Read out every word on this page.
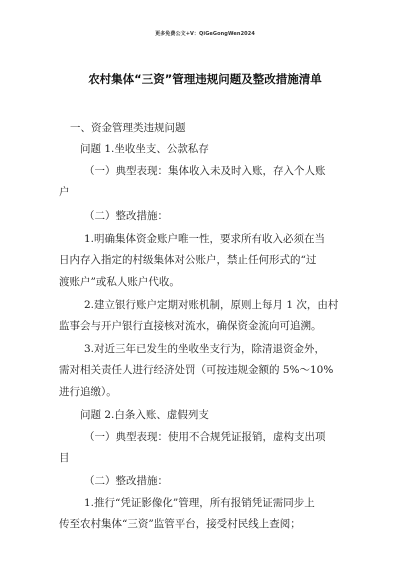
更多免费公文+V：QiGeGongWen2024
农村集体“三资”管理违规问题及整改措施清单
一、资金管理类违规问题
问题 1.坐收坐支、公款私存
（一）典型表现：集体收入未及时入账，存入个人账
户
（二）整改措施：
1.明确集体资金账户唯一性，要求所有收入必须在当
日内存入指定的村级集体对公账户，禁止任何形式的“过
渡账户”或私人账户代收。
2.建立银行账户定期对账机制，原则上每月 1 次，由村
监事会与开户银行直接核对流水，确保资金流向可追溯。
3.对近三年已发生的坐收坐支行为，除清退资金外，
需对相关责任人进行经济处罚（可按违规金额的 5%～10%
进行追缴）。
问题 2.白条入账、虚假列支
（一）典型表现：使用不合规凭证报销，虚构支出项
目
（二）整改措施：
1.推行“凭证影像化”管理，所有报销凭证需同步上
传至农村集体“三资”监管平台，接受村民线上查阅；
